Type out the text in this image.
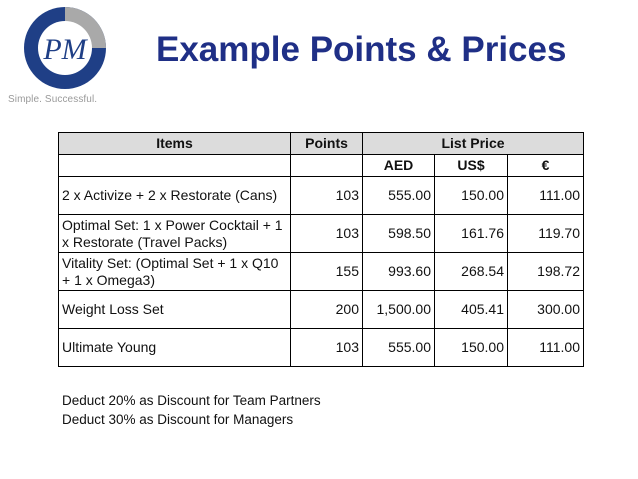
PM
Simple. Successful.
Example Points & Prices
Items	Points	List Price		
		AED	US$	€
2 x Activize + 2 x Restorate (Cans)	103	555.00	150.00	111.00
Optimal Set: 1 x Power Cocktail + 1 x Restorate (Travel Packs)	103	598.50	161.76	119.70
Vitality Set: (Optimal Set + 1 x Q10 + 1 x Omega3)	155	993.60	268.54	198.72
Weight Loss Set	200	1,500.00	405.41	300.00
Ultimate Young	103	555.00	150.00	111.00
Deduct 20% as Discount for Team Partners
Deduct 30% as Discount for Managers
